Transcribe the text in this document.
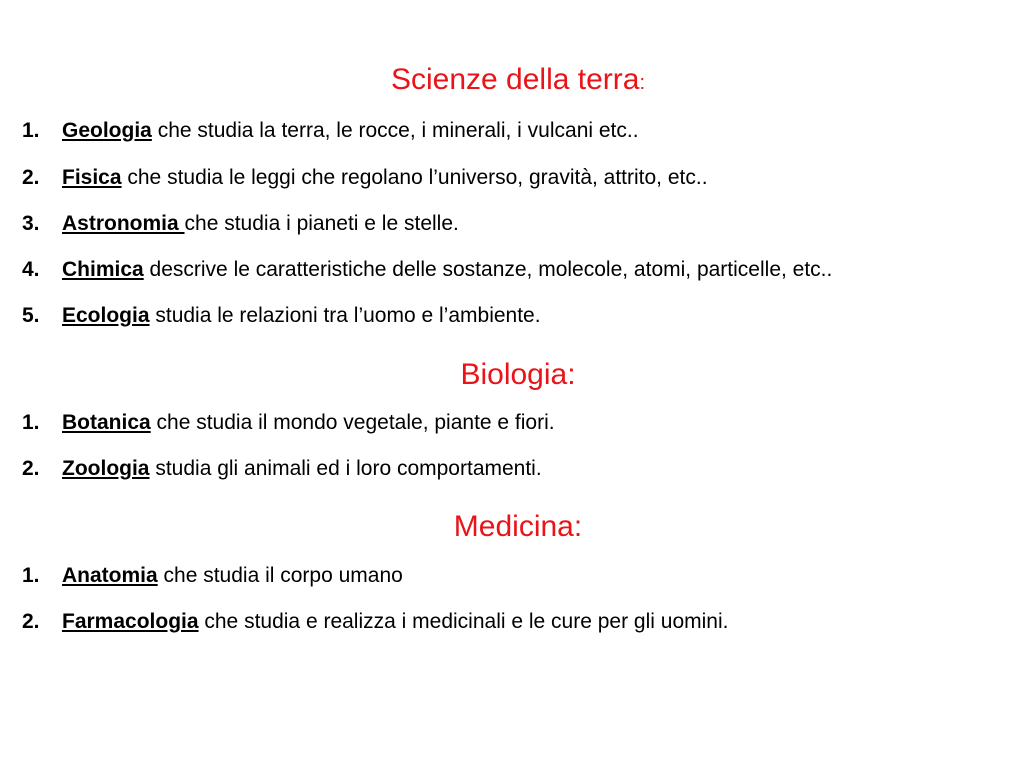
Scienze della terra:
1. Geologia che studia la terra, le rocce, i minerali, i vulcani etc..
2. Fisica che studia le leggi che regolano l’universo, gravità, attrito, etc..
3. Astronomia che studia i pianeti e le stelle.
4. Chimica descrive le caratteristiche delle sostanze, molecole, atomi, particelle, etc..
5. Ecologia studia le relazioni tra l’uomo e l’ambiente.
Biologia:
1. Botanica che studia il mondo vegetale, piante e fiori.
2. Zoologia studia gli animali ed i loro comportamenti.
Medicina:
1. Anatomia che studia il corpo umano
2. Farmacologia che studia e realizza i medicinali e le cure per gli uomini.
